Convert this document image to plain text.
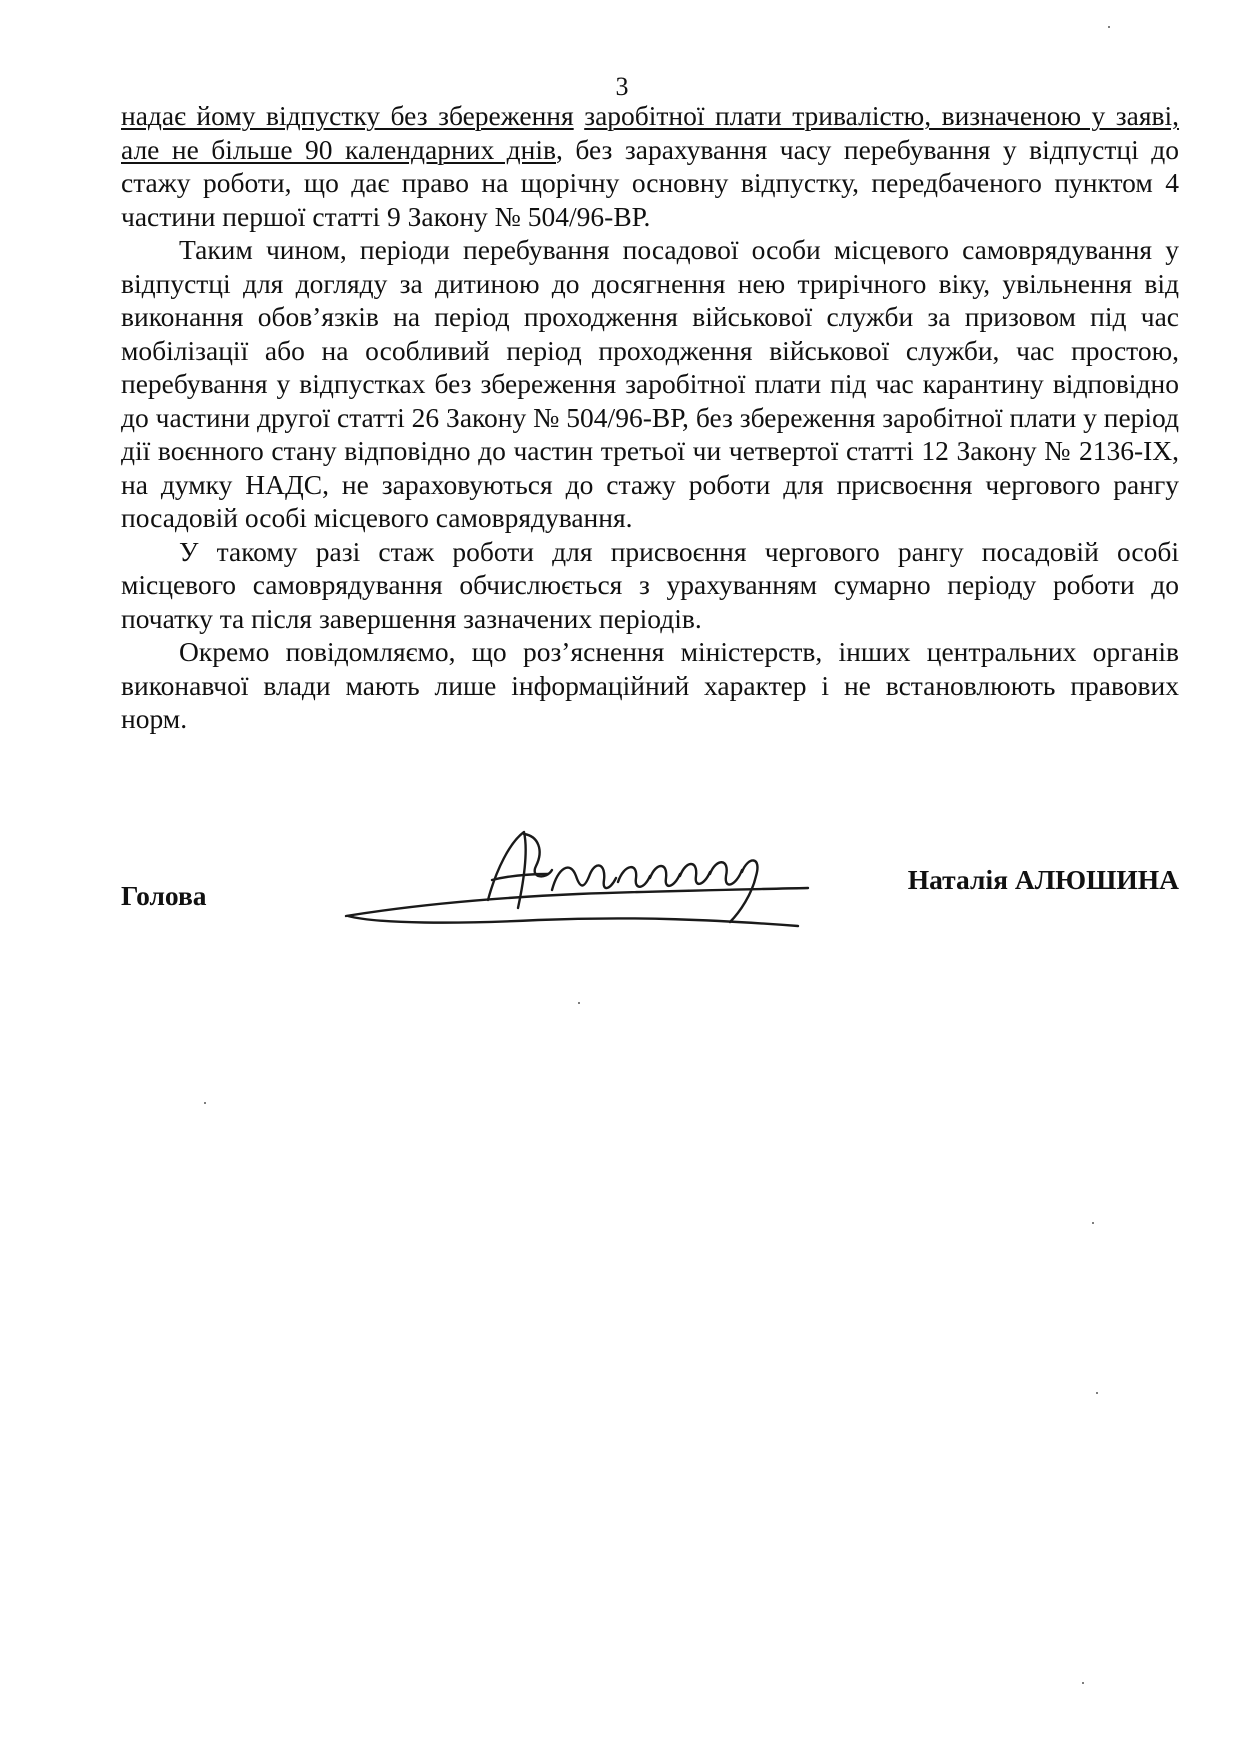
3

надає йому відпустку без збереження заробітної плати тривалістю, визначеною у заяві, але не більше 90 календарних днів, без зарахування часу перебування у відпустці до стажу роботи, що дає право на щорічну основну відпустку, передбаченого пунктом 4 частини першої статті 9 Закону № 504/96-ВР.

Таким чином, періоди перебування посадової особи місцевого самоврядування у відпустці для догляду за дитиною до досягнення нею трирічного віку, увільнення від виконання обов’язків на період проходження військової служби за призовом під час мобілізації або на особливий період проходження військової служби, час простою, перебування у відпустках без збереження заробітної плати під час карантину відповідно до частини другої статті 26 Закону № 504/96-ВР, без збереження заробітної плати у період дії воєнного стану відповідно до частин третьої чи четвертої статті 12 Закону № 2136-IX, на думку НАДС, не зараховуються до стажу роботи для присвоєння чергового рангу посадовій особі місцевого самоврядування.

У такому разі стаж роботи для присвоєння чергового рангу посадовій особі місцевого самоврядування обчислюється з урахуванням сумарно періоду роботи до початку та після завершення зазначених періодів.

Окремо повідомляємо, що роз’яснення міністерств, інших центральних органів виконавчої влади мають лише інформаційний характер і не встановлюють правових норм.

Голова
Наталія АЛЮШИНА
